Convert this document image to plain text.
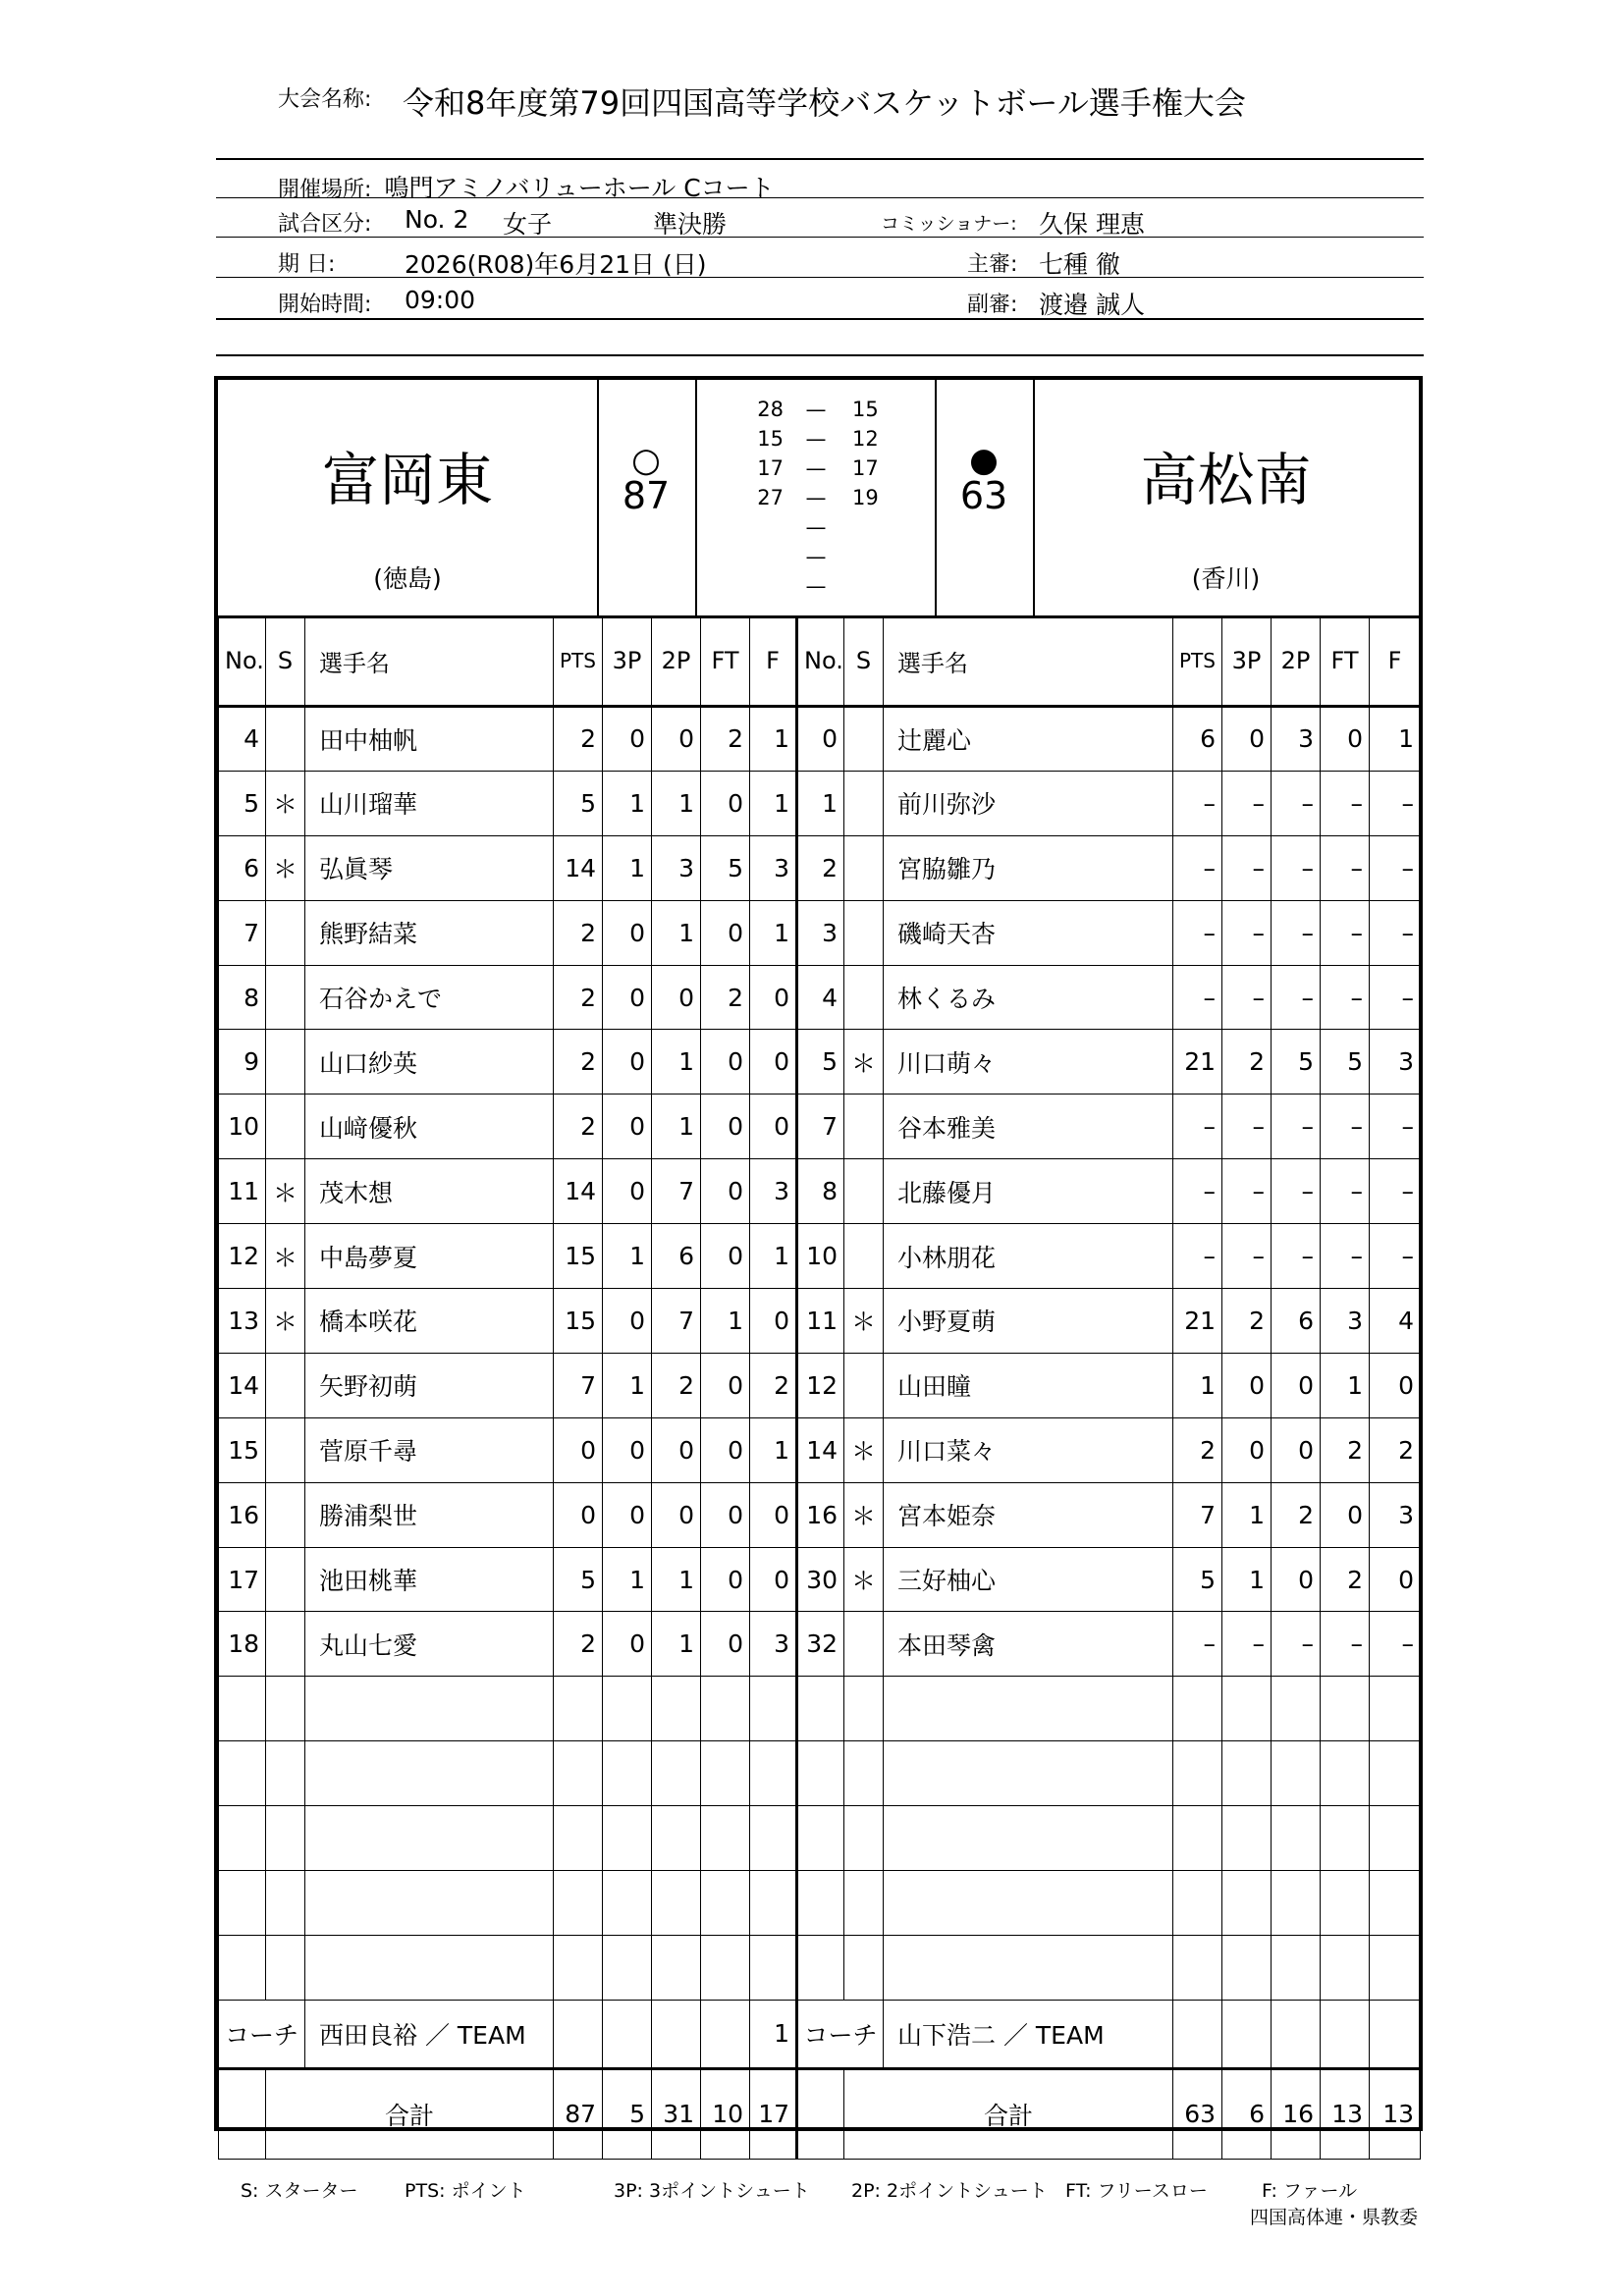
大会名称: 令和8年度第79回四国高等学校バスケットボール選手権大会
開催場所: 鳴門アミノバリューホール Cコート
試合区分: No. 2 女子	準決勝	コミッショナー: 久保 理恵
期 日:	2026(R08)年6月21日 (日)	主審: 七種 徹
開始時間: 09:00	副審: 渡邉 誠人
富岡東
(徳島)
○
87
28 — 15
15 — 12
17 — 17
27 — 19
—
—
—
●
63	高松南
(香川)
No.	S	選手名	PTS	3P	2P	FT	F	No.	S	選手名	PTS	3P	2P	FT	F
4		田中柚帆	2	0	0	2	1	0		辻麗心	6	0	3	0	1
5	＊	山川瑠華	5	1	1	0	1	1		前川弥沙	–	–	–	–	–
6	＊	弘眞琴	14	1	3	5	3	2		宮脇雛乃	–	–	–	–	–
7		熊野結菜	2	0	1	0	1	3		磯崎天杏	–	–	–	–	–
8		石谷かえで	2	0	0	2	0	4		林くるみ	–	–	–	–	–
9		山口紗英	2	0	1	0	0	5	＊	川口萌々	21	2	5	5	3
10		山﨑優秋	2	0	1	0	0	7		谷本雅美	–	–	–	–	–
11	＊	茂木想	14	0	7	0	3	8		北藤優月	–	–	–	–	–
12	＊	中島夢夏	15	1	6	0	1	10		小林朋花	–	–	–	–	–
13	＊	橋本咲花	15	0	7	1	0	11	＊	小野夏萌	21	2	6	3	4
14		矢野初萌	7	1	2	0	2	12		山田瞳	1	0	0	1	0
15		菅原千尋	0	0	0	0	1	14	＊	川口菜々	2	0	0	2	2
16		勝浦梨世	0	0	0	0	0	16	＊	宮本姫奈	7	1	2	0	3
17		池田桃華	5	1	1	0	0	30	＊	三好柚心	5	1	0	2	0
18		丸山七愛	2	0	1	0	3	32		本田琴禽	–	–	–	–	–

コーチ		西田良裕 ／ TEAM					1	コーチ		山下浩二 ／ TEAM					
	合計		87	5	31	10	17		合計		63	6	16	13	13
S: スターター PTS: ポイント	3P: 3ポイントシュート 2P: 2ポイントシュート FT: フリースロー	F: ファール
四国高体連・県教委
